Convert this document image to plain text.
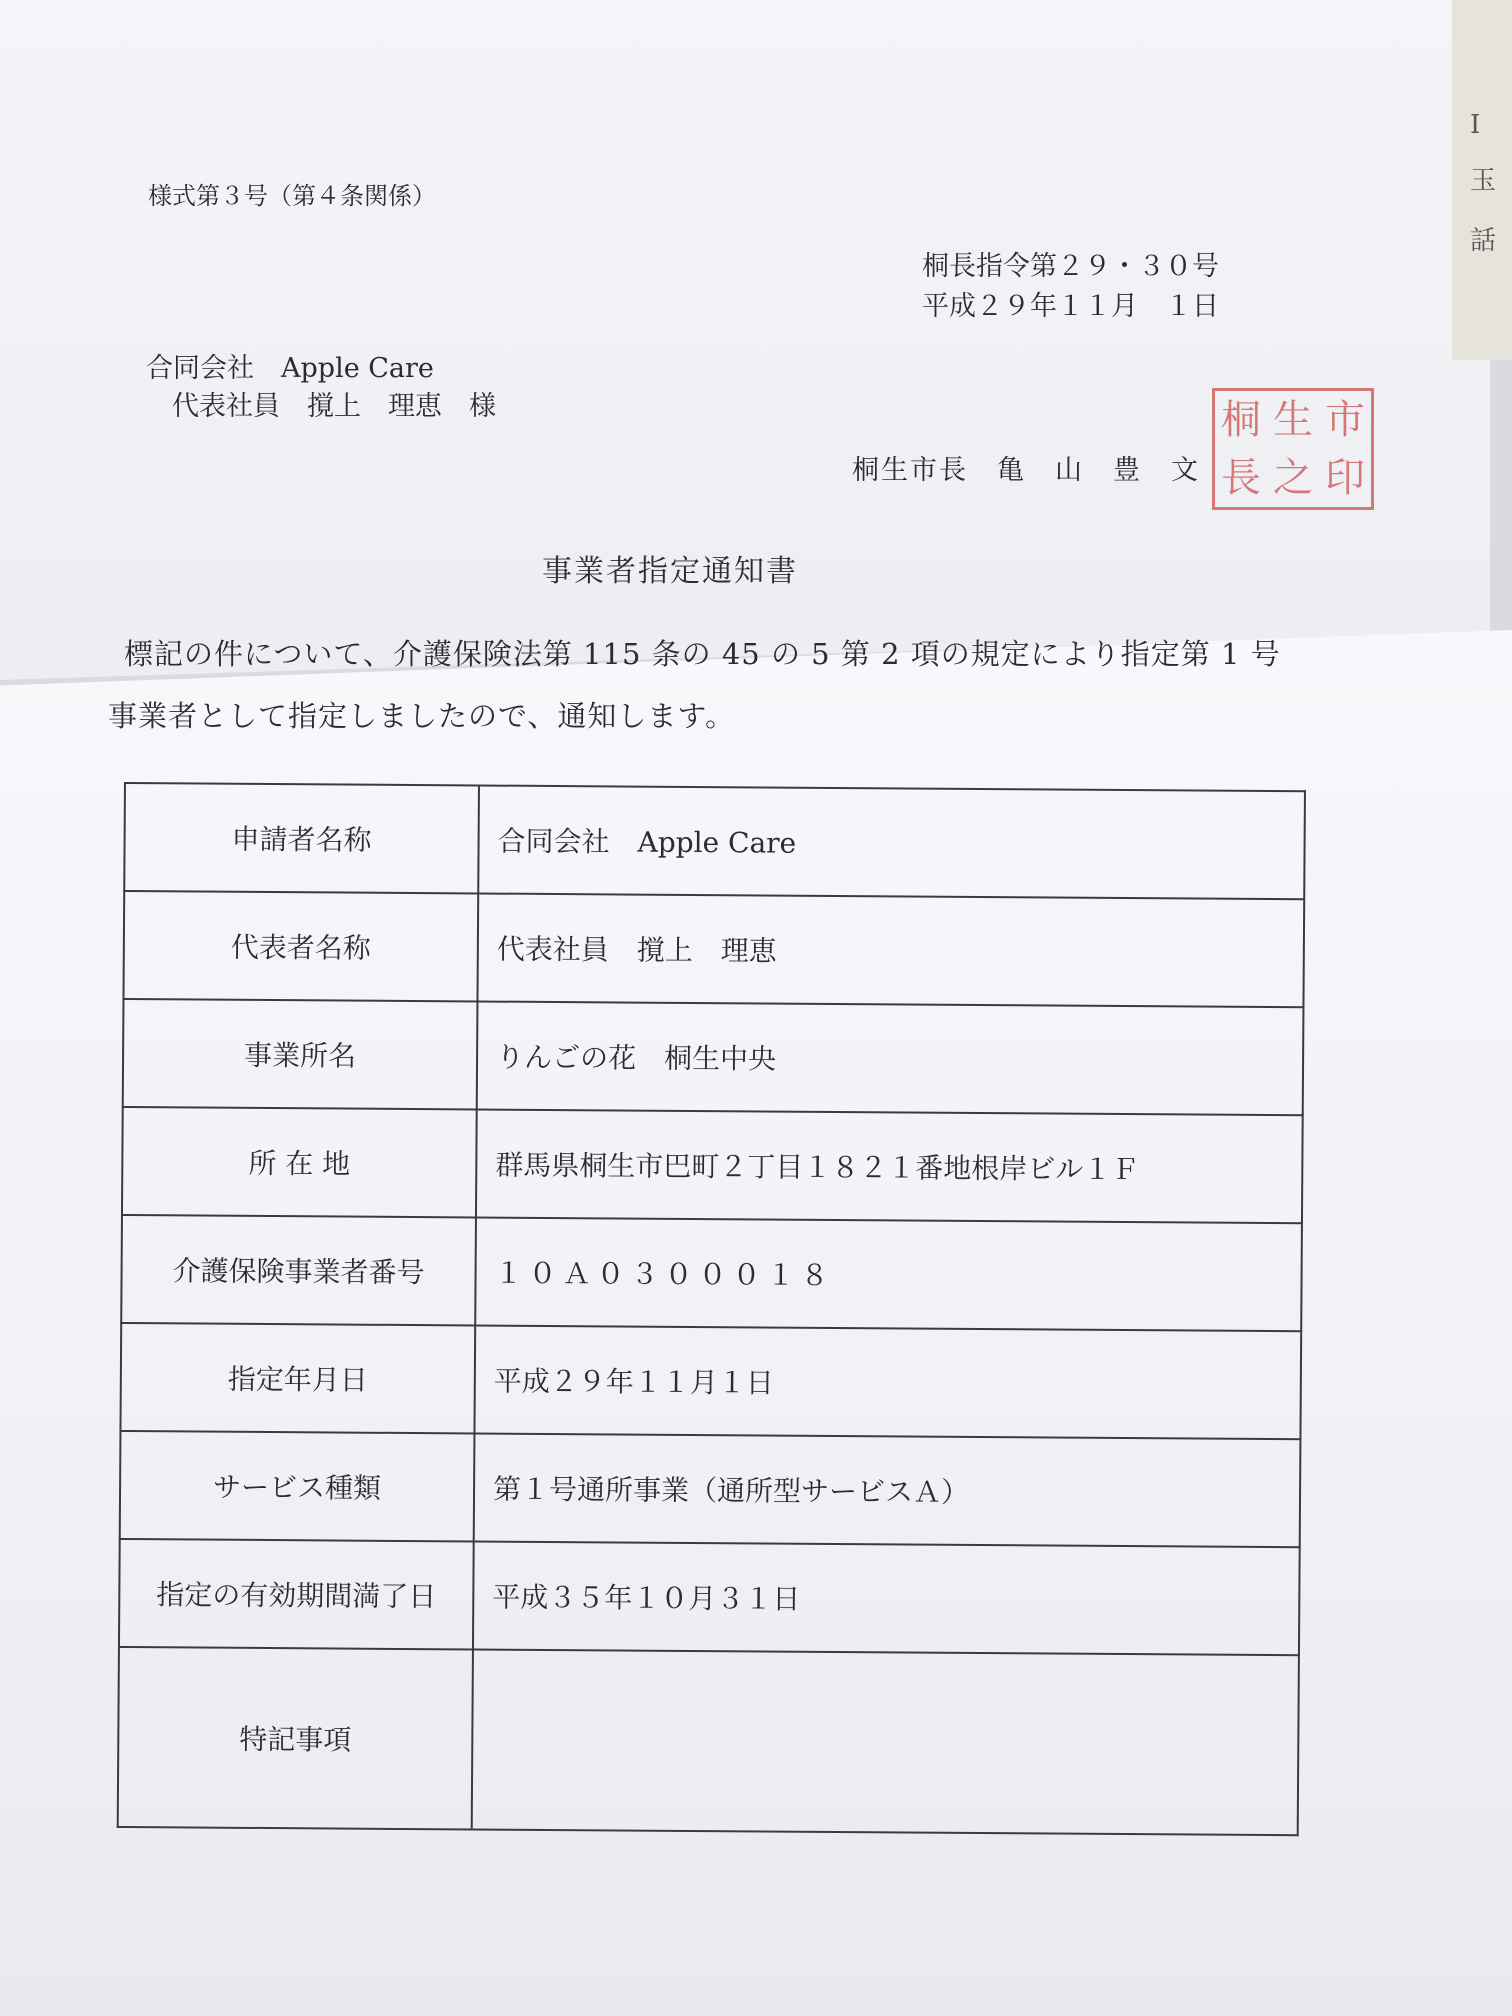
I
玉
話
様式第３号（第４条関係）
桐長指令第２９・３０号
平成２９年１１月　１日
合同会社　Apple Care
代表社員　撹上　理恵　様
桐生市長　亀　山　豊　文
桐 生 市
長 之 印
事業者指定通知書
標記の件について、介護保険法第 115 条の 45 の 5 第 2 項の規定により指定第 1 号
事業者として指定しましたので、通知します。
申請者名称	合同会社　Apple Care
代表者名称	代表社員　撹上　理恵
事業所名	りんごの花　桐生中央
所 在 地	群馬県桐生市巴町２丁目１８２１番地根岸ビル１Ｆ
介護保険事業者番号	１０Ａ０３０００１８
指定年月日	平成２９年１１月１日
サービス種類	第１号通所事業（通所型サービスＡ）
指定の有効期間満了日	平成３５年１０月３１日
特記事項	
